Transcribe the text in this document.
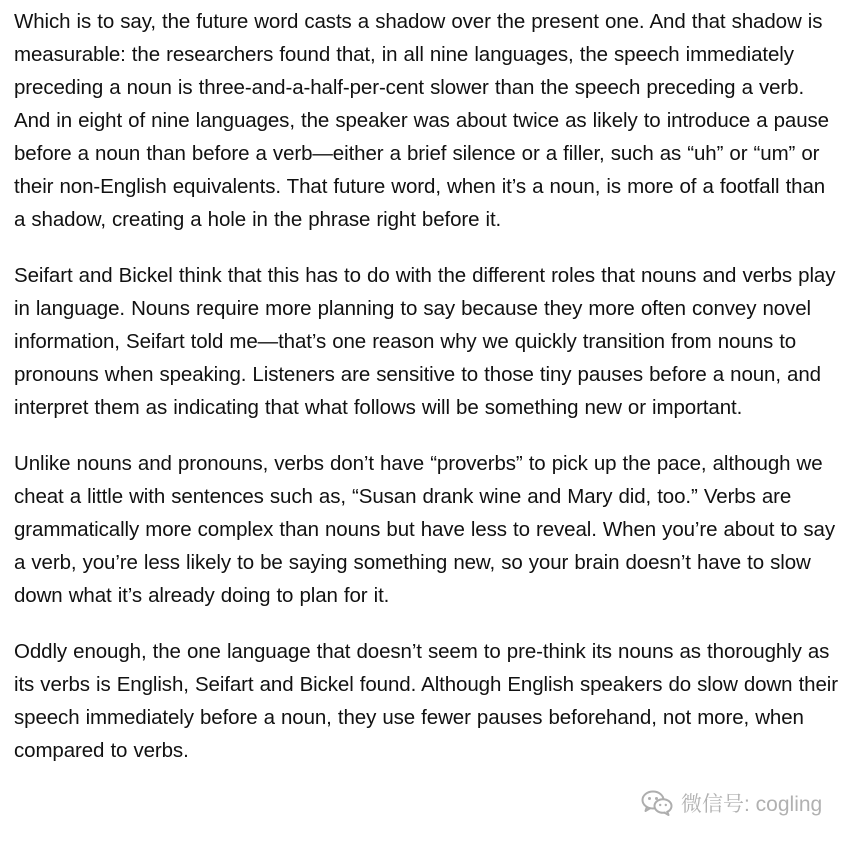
Which is to say, the future word casts a shadow over the present one. And that shadow is measurable: the researchers found that, in all nine languages, the speech immediately preceding a noun is three-and-a-half-per-cent slower than the speech preceding a verb. And in eight of nine languages, the speaker was about twice as likely to introduce a pause before a noun than before a verb—either a brief silence or a filler, such as “uh” or “um” or their non-English equivalents. That future word, when it’s a noun, is more of a footfall than a shadow, creating a hole in the phrase right before it.

Seifart and Bickel think that this has to do with the different roles that nouns and verbs play in language. Nouns require more planning to say because they more often convey novel information, Seifart told me—that’s one reason why we quickly transition from nouns to pronouns when speaking. Listeners are sensitive to those tiny pauses before a noun, and interpret them as indicating that what follows will be something new or important.

Unlike nouns and pronouns, verbs don’t have “proverbs” to pick up the pace, although we cheat a little with sentences such as, “Susan drank wine and Mary did, too.” Verbs are grammatically more complex than nouns but have less to reveal. When you’re about to say a verb, you’re less likely to be saying something new, so your brain doesn’t have to slow down what it’s already doing to plan for it.

Oddly enough, the one language that doesn’t seem to pre-think its nouns as thoroughly as its verbs is English, Seifart and Bickel found. Although English speakers do slow down their speech immediately before a noun, they use fewer pauses beforehand, not more, when compared to verbs.

微信号: cogling
